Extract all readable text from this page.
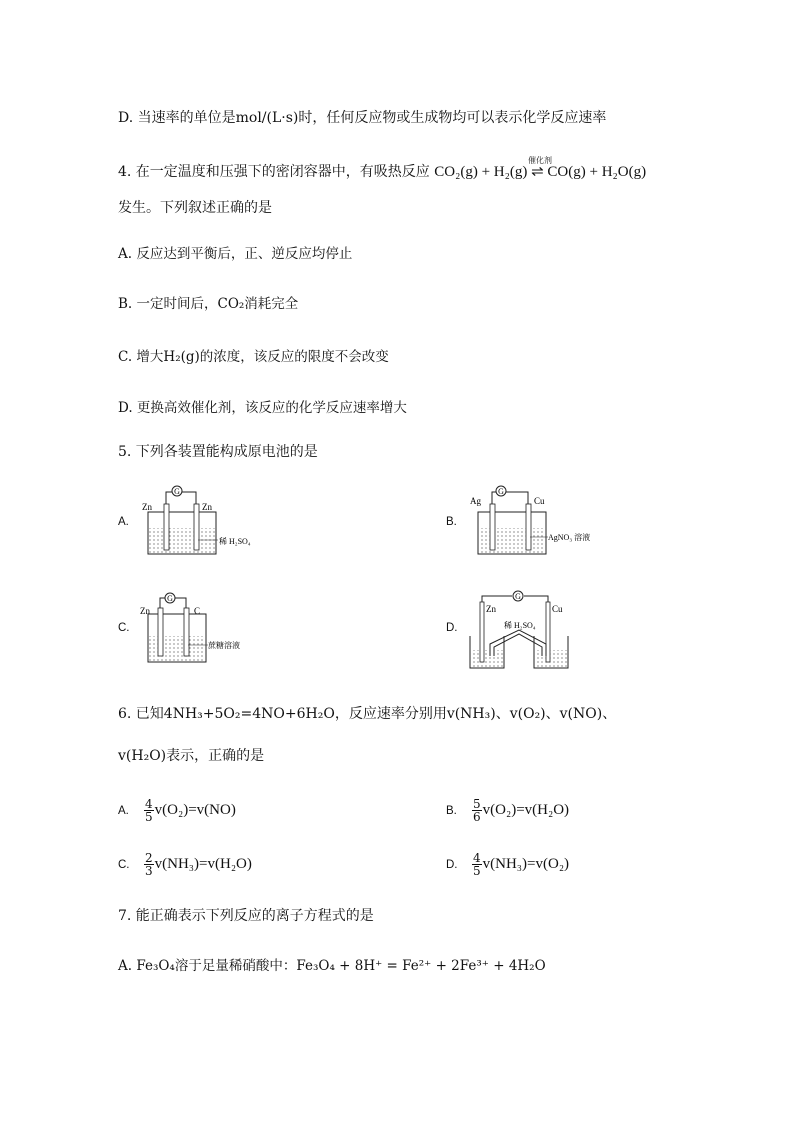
D. 当速率的单位是mol/(L·s)时，任何反应物或生成物均可以表示化学反应速率
4. 在一定温度和压强下的密闭容器中，有吸热反应 CO₂(g) + H₂(g) ⇌ CO(g) + H₂O(g)
催化剂
发生。下列叙述正确的是
A. 反应达到平衡后，正、逆反应均停止
B. 一定时间后，CO₂消耗完全
C. 增大H₂(g)的浓度，该反应的限度不会改变
D. 更换高效催化剂，该反应的化学反应速率增大
5. 下列各装置能构成原电池的是
A.
G
Zn	Zn
稀 H₂SO₄
B.
G
Ag	Cu
AgNO₃ 溶液
C.
G
Zn	C
蔗糖溶液
D.
G
Zn	Cu
稀 H₂SO₄
6. 已知4NH₃+5O₂=4NO+6H₂O，反应速率分别用v(NH₃)、v(O₂)、v(NO)、
v(H₂O)表示，正确的是
A. $\frac{4}{5} v(O_2)=v(NO)$	B. $\frac{5}{6} v(O_2)=v(H_2O)$
C. $\frac{2}{3} v(NH_3)=v(H_2O)$	D. $\frac{4}{5} v(NH_3)=v(O_2)$
7. 能正确表示下列反应的离子方程式的是
A. Fe₃O₄溶于足量稀硝酸中：Fe₃O₄ + 8H⁺ = Fe²⁺ + 2Fe³⁺ + 4H₂O
